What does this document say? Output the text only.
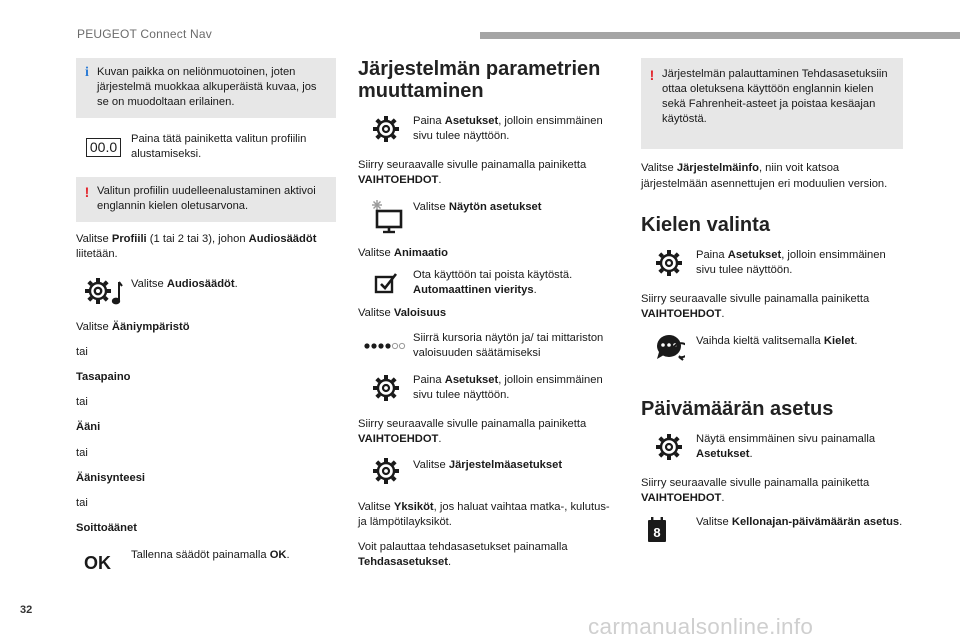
PEUGEOT Connect Nav
i Kuvan paikka on neliönmuotoinen, joten järjestelmä muokkaa alkuperäistä kuvaa, jos se on muodoltaan erilainen.
00.0	Paina tätä painiketta valitun profiilin alustamiseksi.
! Valitun profiilin uudelleenalustaminen aktivoi englannin kielen oletusarvona.
Valitse Profiili (1 tai 2 tai 3), johon Audiosäädöt liitetään.
Valitse Audiosäädöt.
Valitse Ääniympäristö
tai
Tasapaino
tai
Ääni
tai
Äänisynteesi
tai
Soittoäänet
OK Tallenna säädöt painamalla OK.
Järjestelmän parametrien muuttaminen
Paina Asetukset, jolloin ensimmäinen sivu tulee näyttöön.
Siirry seuraavalle sivulle painamalla painiketta VAIHTOEHDOT.
Valitse Näytön asetukset
Valitse Animaatio
Ota käyttöön tai poista käytöstä. Automaattinen vieritys.
Valitse Valoisuus
Siirrä kursoria näytön ja/ tai mittariston valoisuuden säätämiseksi
Paina Asetukset, jolloin ensimmäinen sivu tulee näyttöön.
Siirry seuraavalle sivulle painamalla painiketta VAIHTOEHDOT.
Valitse Järjestelmäasetukset
Valitse Yksiköt, jos haluat vaihtaa matka-, kulutus- ja lämpötilayksiköt.
Voit palauttaa tehdasasetukset painamalla Tehdasasetukset.
! Järjestelmän palauttaminen Tehdasasetuksiin ottaa oletuksena käyttöön englannin kielen sekä Fahrenheit-asteet ja poistaa kesäajan käytöstä.
Valitse Järjestelmäinfo, niin voit katsoa järjestelmään asennettujen eri moduulien version.
Kielen valinta
Paina Asetukset, jolloin ensimmäinen sivu tulee näyttöön.
Siirry seuraavalle sivulle painamalla painiketta VAIHTOEHDOT.
Vaihda kieltä valitsemalla Kielet.
Päivämäärän asetus
Näytä ensimmäinen sivu painamalla Asetukset.
Siirry seuraavalle sivulle painamalla painiketta VAIHTOEHDOT.
8
Valitse Kellonajan-päivämäärän asetus.
32
carmanualsonline.info
